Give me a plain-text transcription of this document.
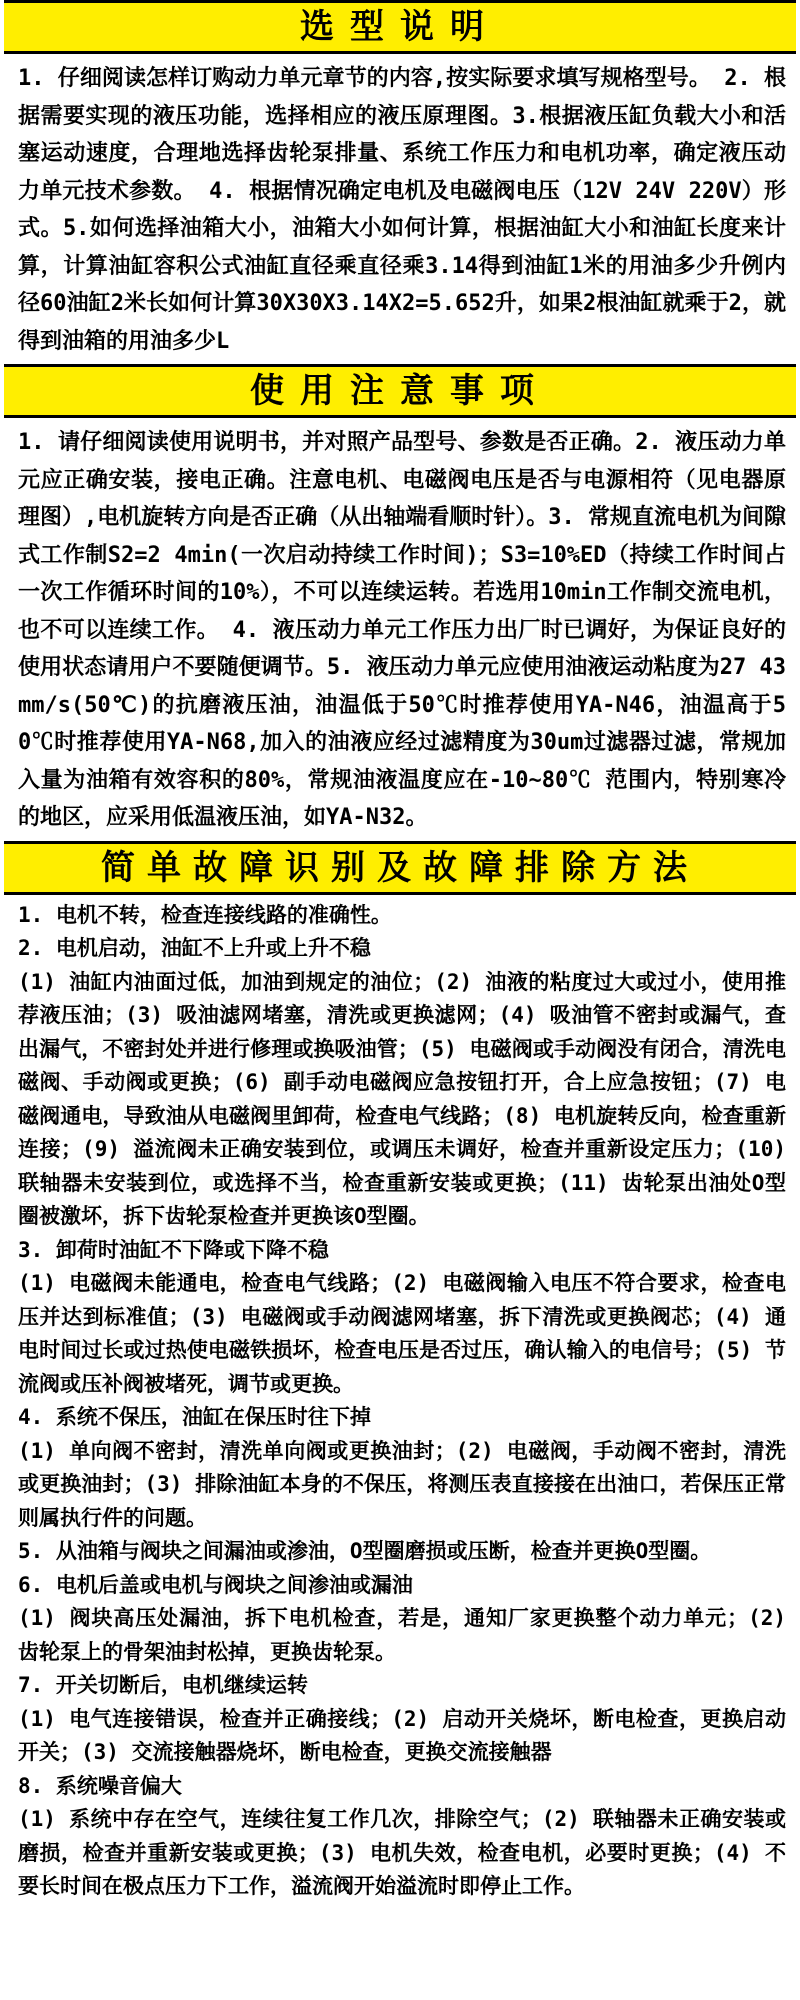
选型说明

1. 仔细阅读怎样订购动力单元章节的内容,按实际要求填写规格型号。 2. 根据需要实现的液压功能，选择相应的液压原理图。3.根据液压缸负载大小和活塞运动速度，合理地选择齿轮泵排量、系统工作压力和电机功率，确定液压动力单元技术参数。 4. 根据情况确定电机及电磁阀电压（12V 24V 220V）形式。5.如何选择油箱大小，油箱大小如何计算，根据油缸大小和油缸长度来计算，计算油缸容积公式油缸直径乘直径乘3.14得到油缸1米的用油多少升例内径60油缸2米长如何计算30X30X3.14X2=5.652升，如果2根油缸就乘于2，就得到油箱的用油多少L

使用注意事项

1. 请仔细阅读使用说明书，并对照产品型号、参数是否正确。2. 液压动力单元应正确安装，接电正确。注意电机、电磁阀电压是否与电源相符（见电器原理图）,电机旋转方向是否正确（从出轴端看顺时针）。3. 常规直流电机为间隙式工作制S2=2 4min(一次启动持续工作时间)；S3=10%ED（持续工作时间占一次工作循环时间的10%），不可以连续运转。若选用10min工作制交流电机，也不可以连续工作。 4. 液压动力单元工作压力出厂时已调好，为保证良好的使用状态请用户不要随便调节。5. 液压动力单元应使用油液运动粘度为27 43mm/s(50℃)的抗磨液压油，油温低于50℃时推荐使用YA-N46，油温高于50℃时推荐使用YA-N68,加入的油液应经过滤精度为30um过滤器过滤，常规加入量为油箱有效容积的80%，常规油液温度应在-10~80℃ 范围内，特别寒冷的地区，应采用低温液压油，如YA-N32。

简单故障识别及故障排除方法

1. 电机不转，检查连接线路的准确性。

2. 电机启动，油缸不上升或上升不稳

(1) 油缸内油面过低，加油到规定的油位；(2) 油液的粘度过大或过小，使用推荐液压油；(3) 吸油滤网堵塞，清洗或更换滤网；(4) 吸油管不密封或漏气，查出漏气，不密封处并进行修理或换吸油管；(5) 电磁阀或手动阀没有闭合，清洗电磁阀、手动阀或更换；(6) 副手动电磁阀应急按钮打开，合上应急按钮；(7) 电磁阀通电，导致油从电磁阀里卸荷，检查电气线路；(8) 电机旋转反向，检查重新连接；(9) 溢流阀未正确安装到位，或调压未调好，检查并重新设定压力；(10) 联轴器未安装到位，或选择不当，检查重新安装或更换；(11) 齿轮泵出油处O型圈被激坏，拆下齿轮泵检查并更换该O型圈。

3. 卸荷时油缸不下降或下降不稳

(1) 电磁阀未能通电，检查电气线路；(2) 电磁阀输入电压不符合要求，检查电压并达到标准值；(3) 电磁阀或手动阀滤网堵塞，拆下清洗或更换阀芯；(4) 通电时间过长或过热使电磁铁损坏，检查电压是否过压，确认输入的电信号；(5) 节流阀或压补阀被堵死，调节或更换。

4. 系统不保压，油缸在保压时往下掉

(1) 单向阀不密封，清洗单向阀或更换油封；(2) 电磁阀，手动阀不密封，清洗或更换油封；(3) 排除油缸本身的不保压，将测压表直接接在出油口，若保压正常则属执行件的问题。

5. 从油箱与阀块之间漏油或渗油，O型圈磨损或压断，检查并更换O型圈。

6. 电机后盖或电机与阀块之间渗油或漏油

(1) 阀块高压处漏油，拆下电机检查，若是，通知厂家更换整个动力单元；(2) 齿轮泵上的骨架油封松掉，更换齿轮泵。

7. 开关切断后，电机继续运转

(1) 电气连接错误，检查并正确接线；(2) 启动开关烧坏，断电检查，更换启动开关；(3) 交流接触器烧坏，断电检查，更换交流接触器

8. 系统噪音偏大

(1) 系统中存在空气，连续往复工作几次，排除空气；(2) 联轴器未正确安装或磨损，检查并重新安装或更换；(3) 电机失效，检查电机，必要时更换；(4) 不要长时间在极点压力下工作，溢流阀开始溢流时即停止工作。
